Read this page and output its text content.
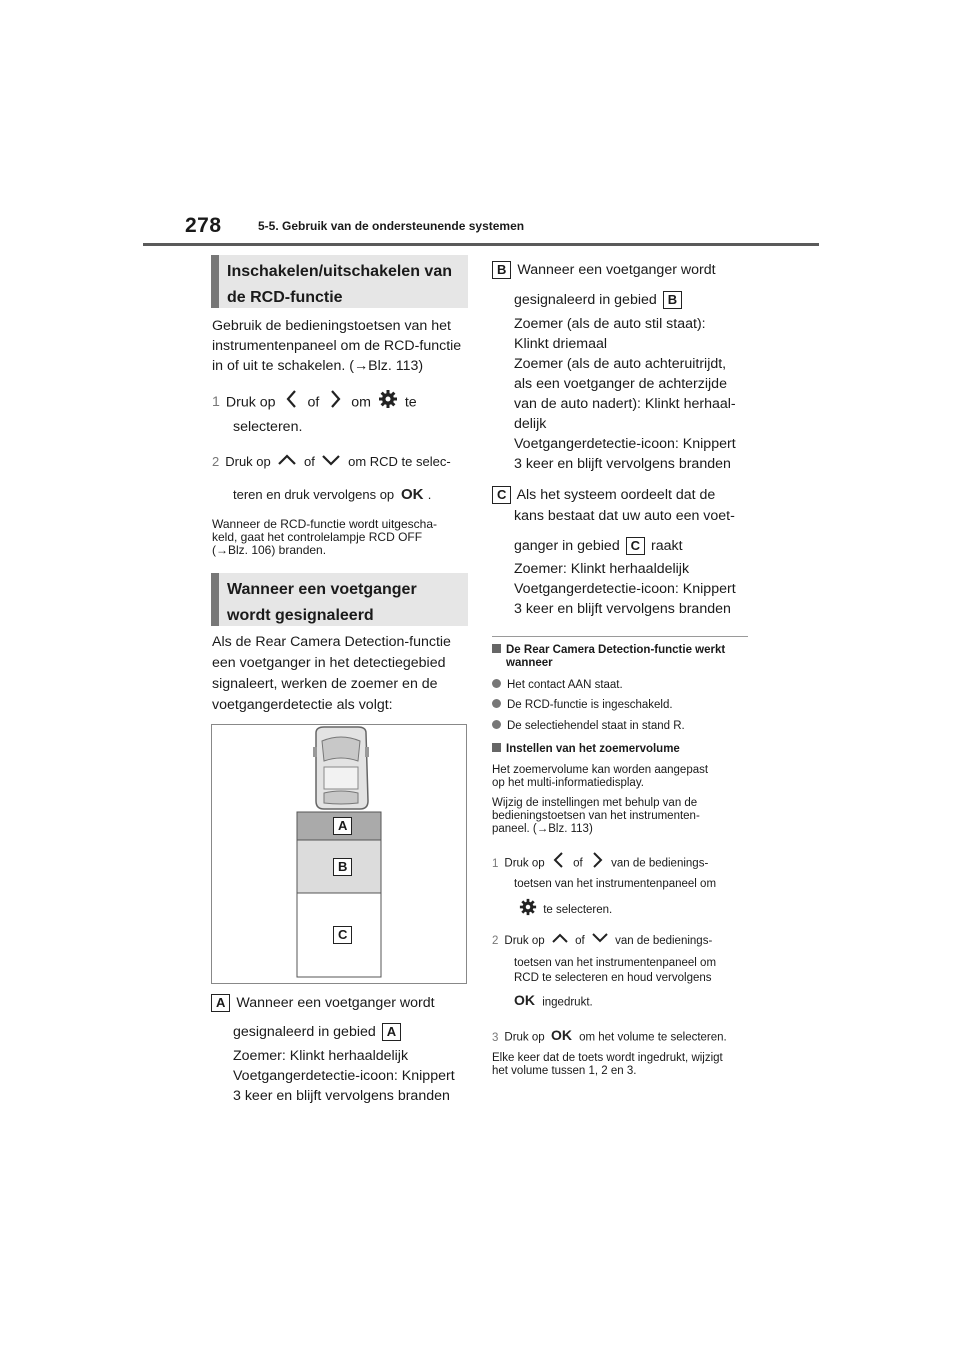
278	5-5. Gebruik van de ondersteunende systemen
Inschakelen/uitschakelen van de RCD-functie
Gebruik de bedieningstoetsen van het
instrumentenpaneel om de RCD-functie
in of uit te schakelen. (→Blz. 113)
1 Druk op of om te
selecteren.
2 Druk op	of	om RCD te selec-
teren en druk vervolgens op OK .
Wanneer de RCD-functie wordt uitgescha-
keld, gaat het controlelampje RCD OFF
(→Blz. 106) branden.
Wanneer een voetganger wordt gesignaleerd
Als de Rear Camera Detection-functie
een voetganger in het detectiegebied
signaleert, werken de zoemer en de
voetgangerdetectie als volgt:
A
B
C
A Wanneer een voetganger wordt
gesignaleerd in gebied A
Zoemer: Klinkt herhaaldelijk
Voetgangerdetectie-icoon: Knippert
3 keer en blijft vervolgens branden
B Wanneer een voetganger wordt
gesignaleerd in gebied B
Zoemer (als de auto stil staat):
Klinkt driemaal
Zoemer (als de auto achteruitrijdt,
als een voetganger de achterzijde
van de auto nadert): Klinkt herhaal-
delijk
Voetgangerdetectie-icoon: Knippert
3 keer en blijft vervolgens branden
C Als het systeem oordeelt dat de
kans bestaat dat uw auto een voet-
ganger in gebied C raakt
Zoemer: Klinkt herhaaldelijk
Voetgangerdetectie-icoon: Knippert
3 keer en blijft vervolgens branden
De Rear Camera Detection-functie werkt
wanneer
Het contact AAN staat.
De RCD-functie is ingeschakeld.
De selectiehendel staat in stand R.
Instellen van het zoemervolume
Het zoemervolume kan worden aangepast
op het multi-informatiedisplay.
Wijzig de instellingen met behulp van de
bedieningstoetsen van het instrumenten-
paneel. (→Blz. 113)
1 Druk op of van de bedienings-
toetsen van het instrumentenpaneel om
te selecteren.
2 Druk op	of	van de bedienings-
toetsen van het instrumentenpaneel om
RCD te selecteren en houd vervolgens
OK ingedrukt.
3 Druk op OK om het volume te selecteren.
Elke keer dat de toets wordt ingedrukt, wijzigt
het volume tussen 1, 2 en 3.
